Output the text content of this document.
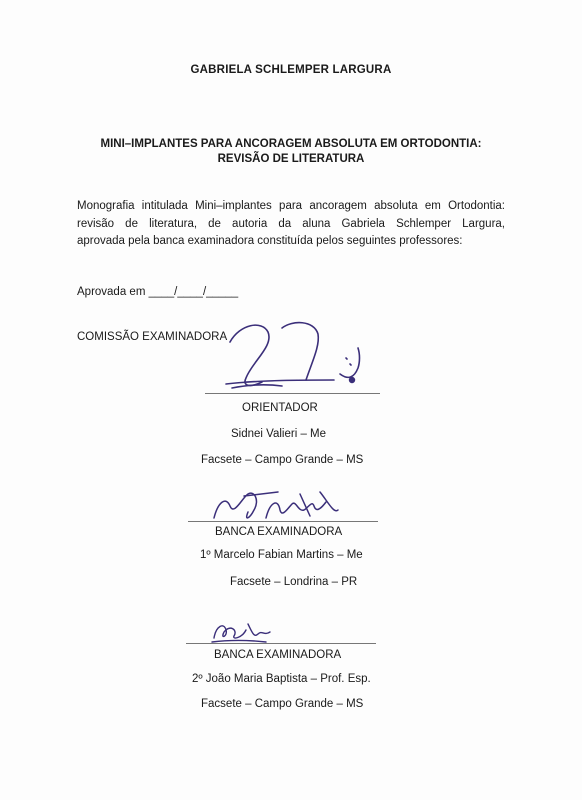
GABRIELA SCHLEMPER LARGURA
MINI–IMPLANTES PARA ANCORAGEM ABSOLUTA EM ORTODONTIA:
REVISÃO DE LITERATURA
Monografia intitulada Mini–implantes para ancoragem absoluta em Ortodontia:
revisão de literatura, de autoria da aluna Gabriela Schlemper Largura,
aprovada pela banca examinadora constituída pelos seguintes professores:
Aprovada em ____/____/_____
COMISSÃO EXAMINADORA
ORIENTADOR
Sidnei Valieri – Me
Facsete – Campo Grande – MS
BANCA EXAMINADORA
1º Marcelo Fabian Martins – Me
Facsete – Londrina – PR
BANCA EXAMINADORA
2º João Maria Baptista – Prof. Esp.
Facsete – Campo Grande – MS
